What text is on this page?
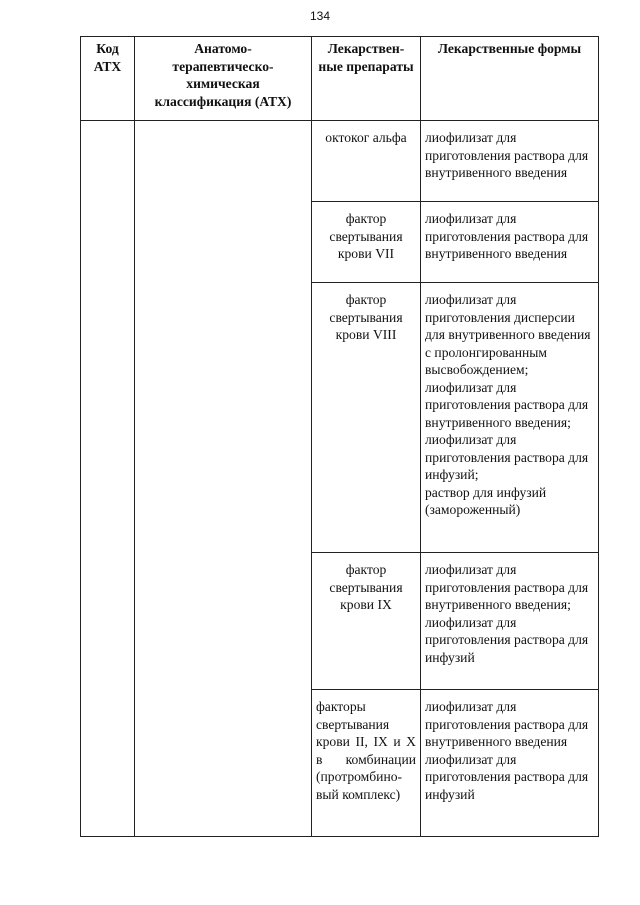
134
Код АТХ	Анатомо-терапевтическо-химическая классификация (АТХ)	Лекарствен-ные препараты	Лекарственные формы

		октоког альфа	лиофилизат для приготовления раствора для внутривенного введения

		фактор свертывания крови VII	лиофилизат для приготовления раствора для внутривенного введения

		фактор свертывания крови VIII	лиофилизат для приготовления дисперсии для внутривенного введения с пролонгированным высвобождением;
лиофилизат для приготовления раствора для внутривенного введения;
лиофилизат для приготовления раствора для инфузий;
раствор для инфузий (замороженный)

		фактор свертывания крови IX	лиофилизат для приготовления раствора для внутривенного введения;
лиофилизат для приготовления раствора для инфузий

		факторы свертывания крови II, IX и X в комбинации (протромбино-вый комплекс)	лиофилизат для приготовления раствора для внутривенного введения
лиофилизат для приготовления раствора для инфузий
